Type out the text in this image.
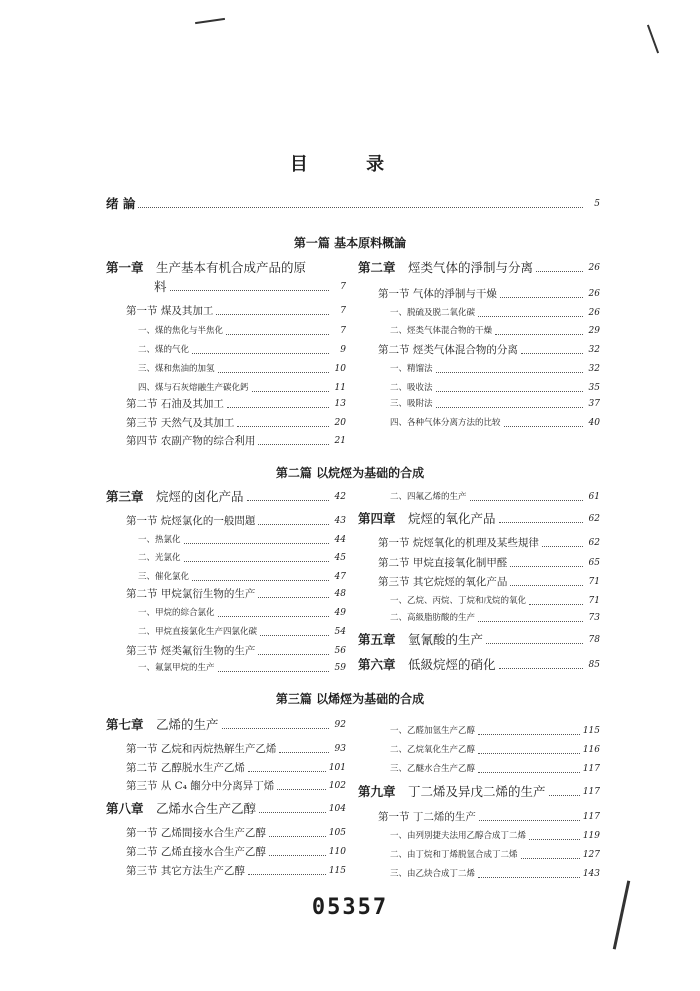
目 录
绪 論	5
第一篇 基本原料概論
第一章  生产基本有机合成产品的原
料	7
第一节 煤及其加工	7
一、煤的焦化与半焦化	7
二、煤的气化	9
三、煤和焦油的加氢	10
四、煤与石灰熔融生产碳化鈣	11
第二节 石油及其加工	13
第三节 天然气及其加工	20
第四节 农副产物的综合利用	21
第二章  烴类气体的淨制与分离	26
第一节 气体的淨制与干燥	26
一、脱硫及脱二氧化碳	26
二、烴类气体混合物的干燥	29
第二节 烴类气体混合物的分离	32
一、精馏法	32
二、吸收法	35
三、吸附法	37
四、各种气体分离方法的比较	40
第二篇 以烷烴为基础的合成
第三章  烷烴的卤化产品	42
第一节 烷烴氯化的一般問題	43
一、热氯化	44
二、光氯化	45
三、催化氯化	47
第二节 甲烷氯衍生物的生产	48
一、甲烷的綜合氯化	49
二、甲烷直接氯化生产四氯化碳	54
第三节 烴类氟衍生物的生产	56
一、氟氯甲烷的生产	59
二、四氟乙烯的生产	61
第四章  烷烴的氧化产品	62
第一节 烷烴氧化的机理及某些規律	62
第二节 甲烷直接氧化制甲醛	65
第三节 其它烷烴的氧化产品	71
一、乙烷、丙烷、丁烷和戊烷的氧化	71
二、高級脂肪酸的生产	73
第五章  氫氰酸的生产	78
第六章  低級烷烴的硝化	85
第三篇 以烯烴为基础的合成
第七章  乙烯的生产	92
第一节 乙烷和丙烷热解生产乙烯	93
第二节 乙醇脱水生产乙烯	101
第三节 从 C₄ 餾分中分离异丁烯	102
第八章  乙烯水合生产乙醇	104
第一节 乙烯間接水合生产乙醇	105
第二节 乙烯直接水合生产乙醇	110
第三节 其它方法生产乙醇	115
一、乙醛加氫生产乙醇	115
二、乙烷氧化生产乙醇	116
三、乙醚水合生产乙醇	117
第九章  丁二烯及异戊二烯的生产	117
第一节 丁二烯的生产	117
一、由列別捷夫法用乙醇合成丁二烯	119
二、由丁烷和丁烯脱氫合成丁二烯	127
三、由乙炔合成丁二烯	143
05357
